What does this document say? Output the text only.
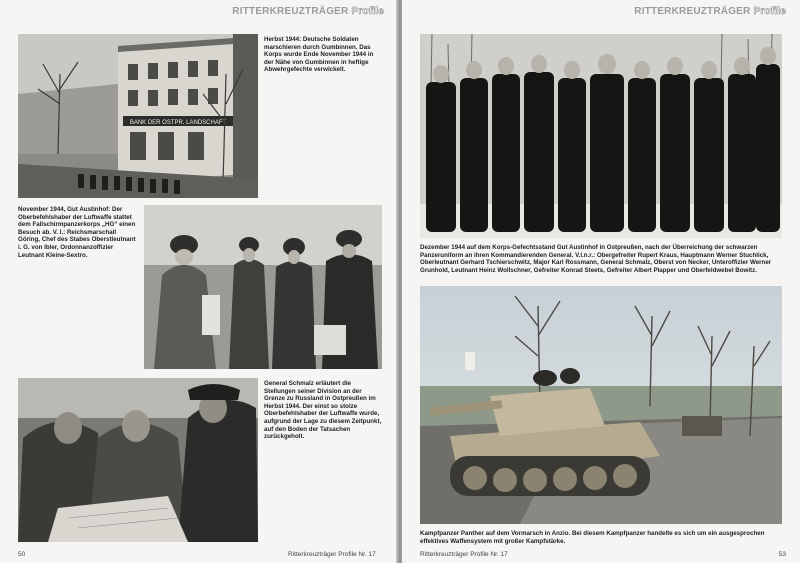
RITTERKREUZTRÄGER Profile
BANK DER OSTPR. LANDSCHAFT
Herbst 1944: Deutsche Soldaten marschieren durch Gumbinnen. Das Korps wurde Ende November 1944 in der Nähe von Gumbinnen in heftige Abwehrgefechte verwickelt.
November 1944, Gut Austinhof: Der Oberbefehlshaber der Luftwaffe stattet dem Fallschirmpanzerkorps „HG“ einen Besuch ab. V. l.: Reichsmarschall Göring, Chef des Stabes Oberstleutnant i. G. von Ibler, Ordonnanzoffizier Leutnant Kleine-Sextro.
General Schmalz erläutert die Stellungen seiner Division an der Grenze zu Russland in Ostpreußen im Herbst 1944. Der einst so stolze Oberbefehlshaber der Luftwaffe wurde, aufgrund der Lage zu diesem Zeitpunkt, auf den Boden der Tatsachen zurückgeholt.
50	Ritterkreuzträger Profile Nr. 17
RITTERKREUZTRÄGER Profile
Dezember 1944 auf dem Korps-Gefechtsstand Gut Austinhof in Ostpreußen, nach der Überreichung der schwarzen Panzeruniform an ihren Kommandierenden General. V.l.n.r.: Obergefreiter Rupert Kraus, Hauptmann Werner Stuchlick, Oberleutnant Gerhard Tschierschwitz, Major Karl Rossmann, General Schmalz, Oberst von Necker, Unteroffizier Werner Grunhold, Leutnant Heinz Wollschner, Gefreiter Konrad Steets, Gefreiter Albert Plapper und Oberfeldwebel Bowitz.
Kampfpanzer Panther auf dem Vormarsch in Anzio. Bei diesem Kampfpanzer handelte es sich um ein ausgesprochen effektives Waffensystem mit großer Kampfstärke.
Ritterkreuzträger Profile Nr. 17	53
